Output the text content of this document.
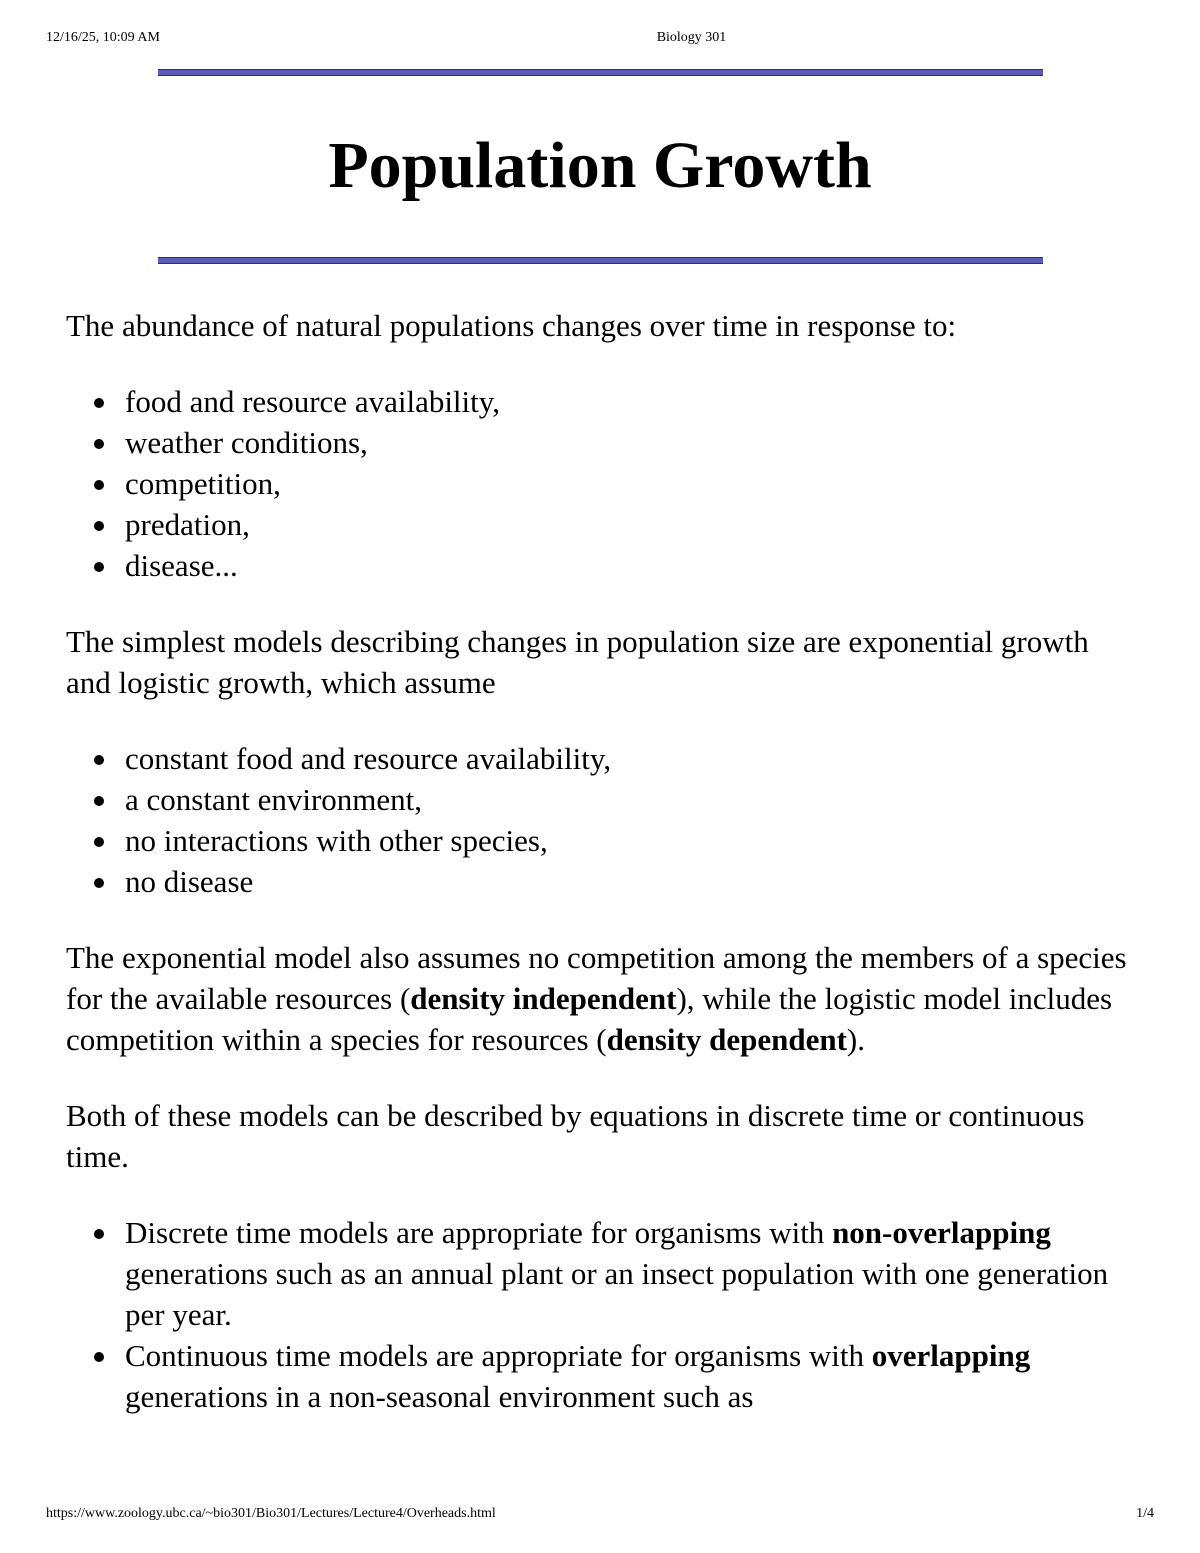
12/16/25, 10:09 AM	Biology 301
Population Growth

The abundance of natural populations changes over time in response to:

food and resource availability,
weather conditions,
competition,
predation,
disease...

The simplest models describing changes in population size are exponential growth and logistic growth, which assume

constant food and resource availability,
a constant environment,
no interactions with other species,
no disease

The exponential model also assumes no competition among the members of a species for the available resources (density independent), while the logistic model includes competition within a species for resources (density dependent).

Both of these models can be described by equations in discrete time or continuous time.

Discrete time models are appropriate for organisms with non-overlapping generations such as an annual plant or an insect population with one generation per year.
Continuous time models are appropriate for organisms with overlapping generations in a non-seasonal environment such as
https://www.zoology.ubc.ca/~bio301/Bio301/Lectures/Lecture4/Overheads.html	1/4
